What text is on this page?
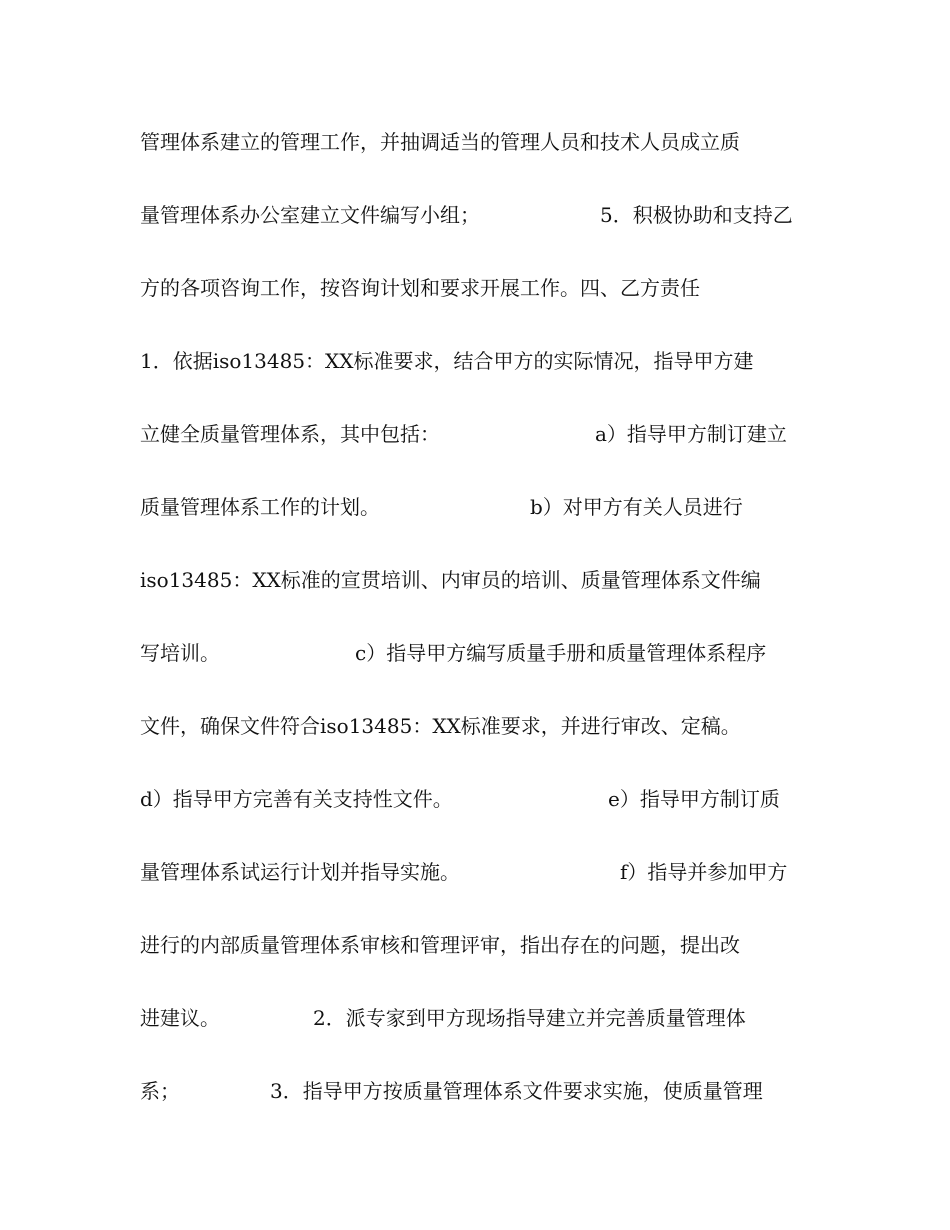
管理体系建立的管理工作，并抽调适当的管理人员和技术人员成立质
量管理体系办公室建立文件编写小组；	5．积极协助和支持乙
方的各项咨询工作，按咨询计划和要求开展工作。四、乙方责任
1．依据iso13485：XX标准要求，结合甲方的实际情况，指导甲方建
立健全质量管理体系，其中包括：	a）指导甲方制订建立
质量管理体系工作的计划。	b）对甲方有关人员进行
iso13485：XX标准的宣贯培训、内审员的培训、质量管理体系文件编
写培训。	c）指导甲方编写质量手册和质量管理体系程序
文件，确保文件符合iso13485：XX标准要求，并进行审改、定稿。
d）指导甲方完善有关支持性文件。	e）指导甲方制订质
量管理体系试运行计划并指导实施。	f）指导并参加甲方
进行的内部质量管理体系审核和管理评审，指出存在的问题，提出改
进建议。	2．派专家到甲方现场指导建立并完善质量管理体
系；	3．指导甲方按质量管理体系文件要求实施，使质量管理
